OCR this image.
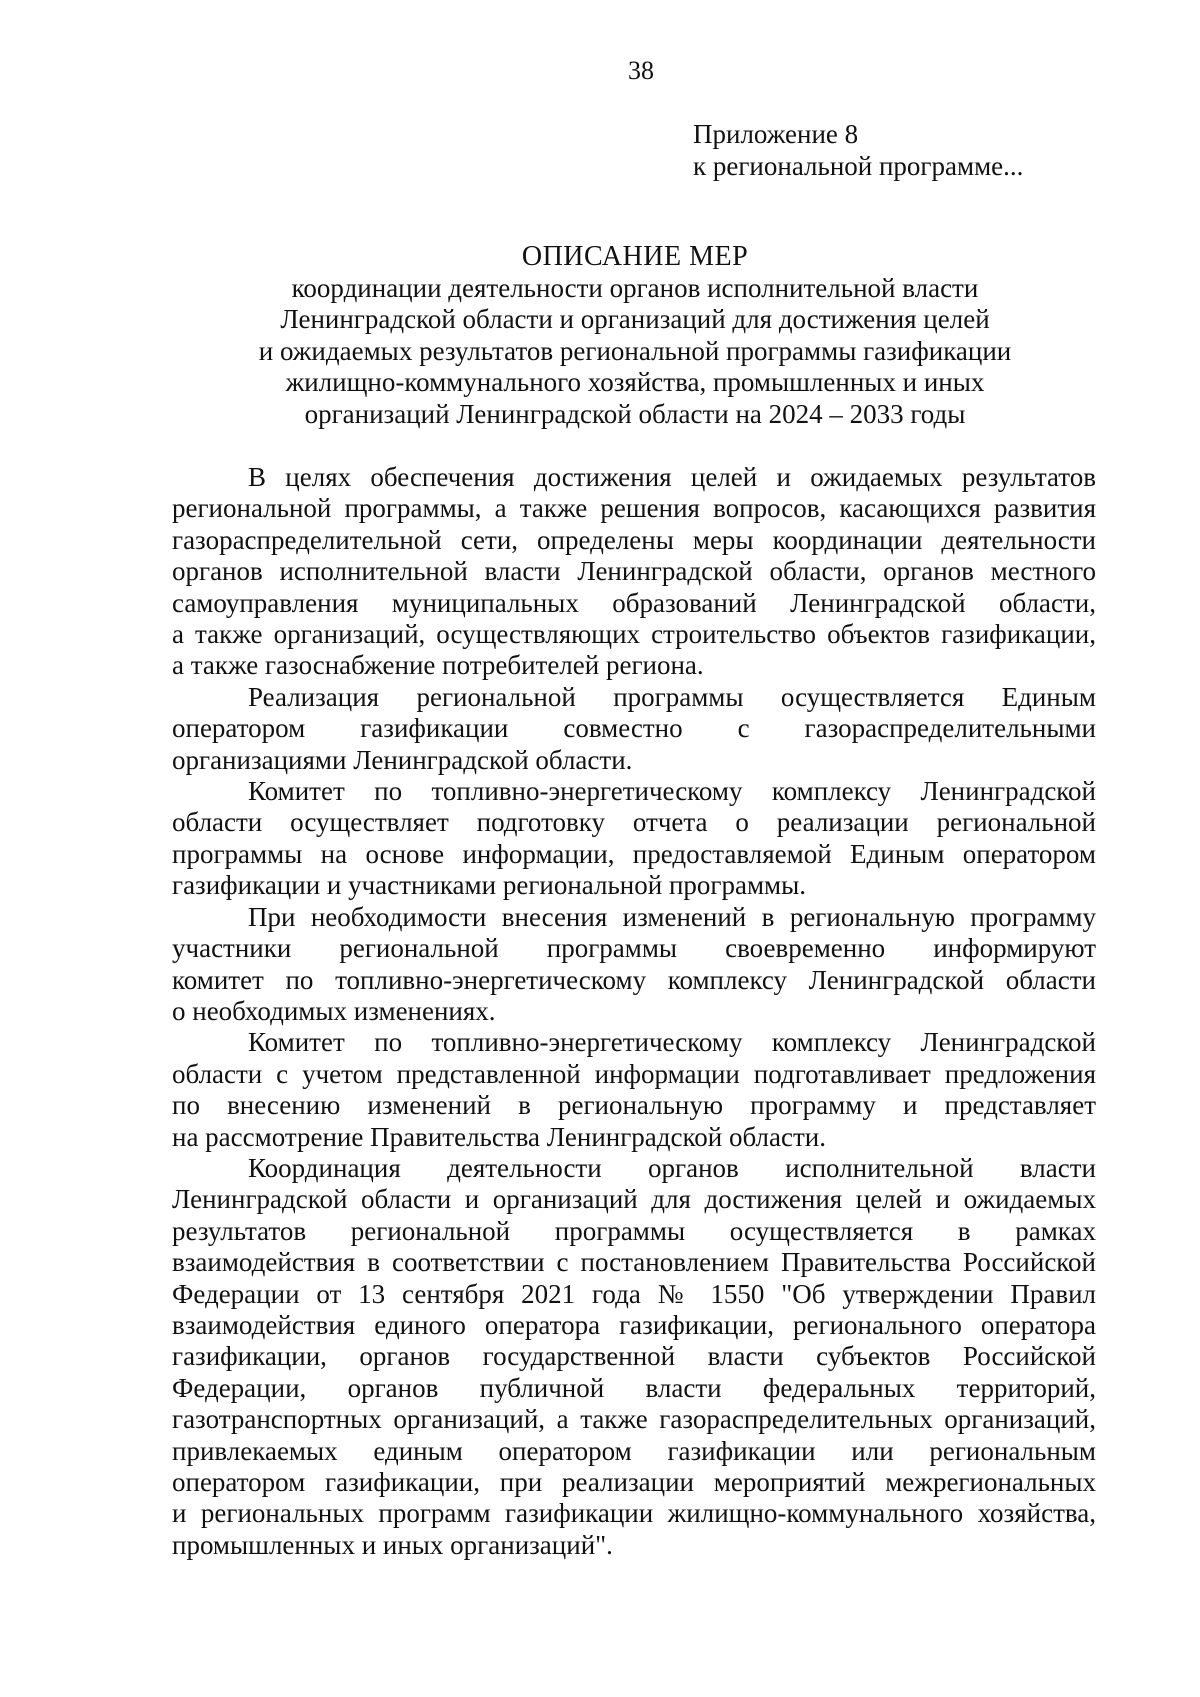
38
Приложение 8
к региональной программе...
ОПИСАНИЕ МЕР
координации деятельности органов исполнительной власти
Ленинградской области и организаций для достижения целей
и ожидаемых результатов региональной программы газификации
жилищно-коммунального хозяйства, промышленных и иных
организаций Ленинградской области на 2024 – 2033 годы
В целях обеспечения достижения целей и ожидаемых результатов
региональной программы, а также решения вопросов, касающихся развития
газораспределительной сети, определены меры координации деятельности
органов исполнительной власти Ленинградской области, органов местного
самоуправления муниципальных образований Ленинградской области,
а также организаций, осуществляющих строительство объектов газификации,
а также газоснабжение потребителей региона.
Реализация региональной программы осуществляется Единым
оператором газификации совместно с газораспределительными
организациями Ленинградской области.
Комитет по топливно-энергетическому комплексу Ленинградской
области осуществляет подготовку отчета о реализации региональной
программы на основе информации, предоставляемой Единым оператором
газификации и участниками региональной программы.
При необходимости внесения изменений в региональную программу
участники региональной программы своевременно информируют
комитет по топливно-энергетическому комплексу Ленинградской области
о необходимых изменениях.
Комитет по топливно-энергетическому комплексу Ленинградской
области с учетом представленной информации подготавливает предложения
по внесению изменений в региональную программу и представляет
на рассмотрение Правительства Ленинградской области.
Координация деятельности органов исполнительной власти
Ленинградской области и организаций для достижения целей и ожидаемых
результатов региональной программы осуществляется в рамках
взаимодействия в соответствии с постановлением Правительства Российской
Федерации от 13 сентября 2021 года № 1550 "Об утверждении Правил
взаимодействия единого оператора газификации, регионального оператора
газификации, органов государственной власти субъектов Российской
Федерации, органов публичной власти федеральных территорий,
газотранспортных организаций, а также газораспределительных организаций,
привлекаемых единым оператором газификации или региональным
оператором газификации, при реализации мероприятий межрегиональных
и региональных программ газификации жилищно-коммунального хозяйства,
промышленных и иных организаций".
